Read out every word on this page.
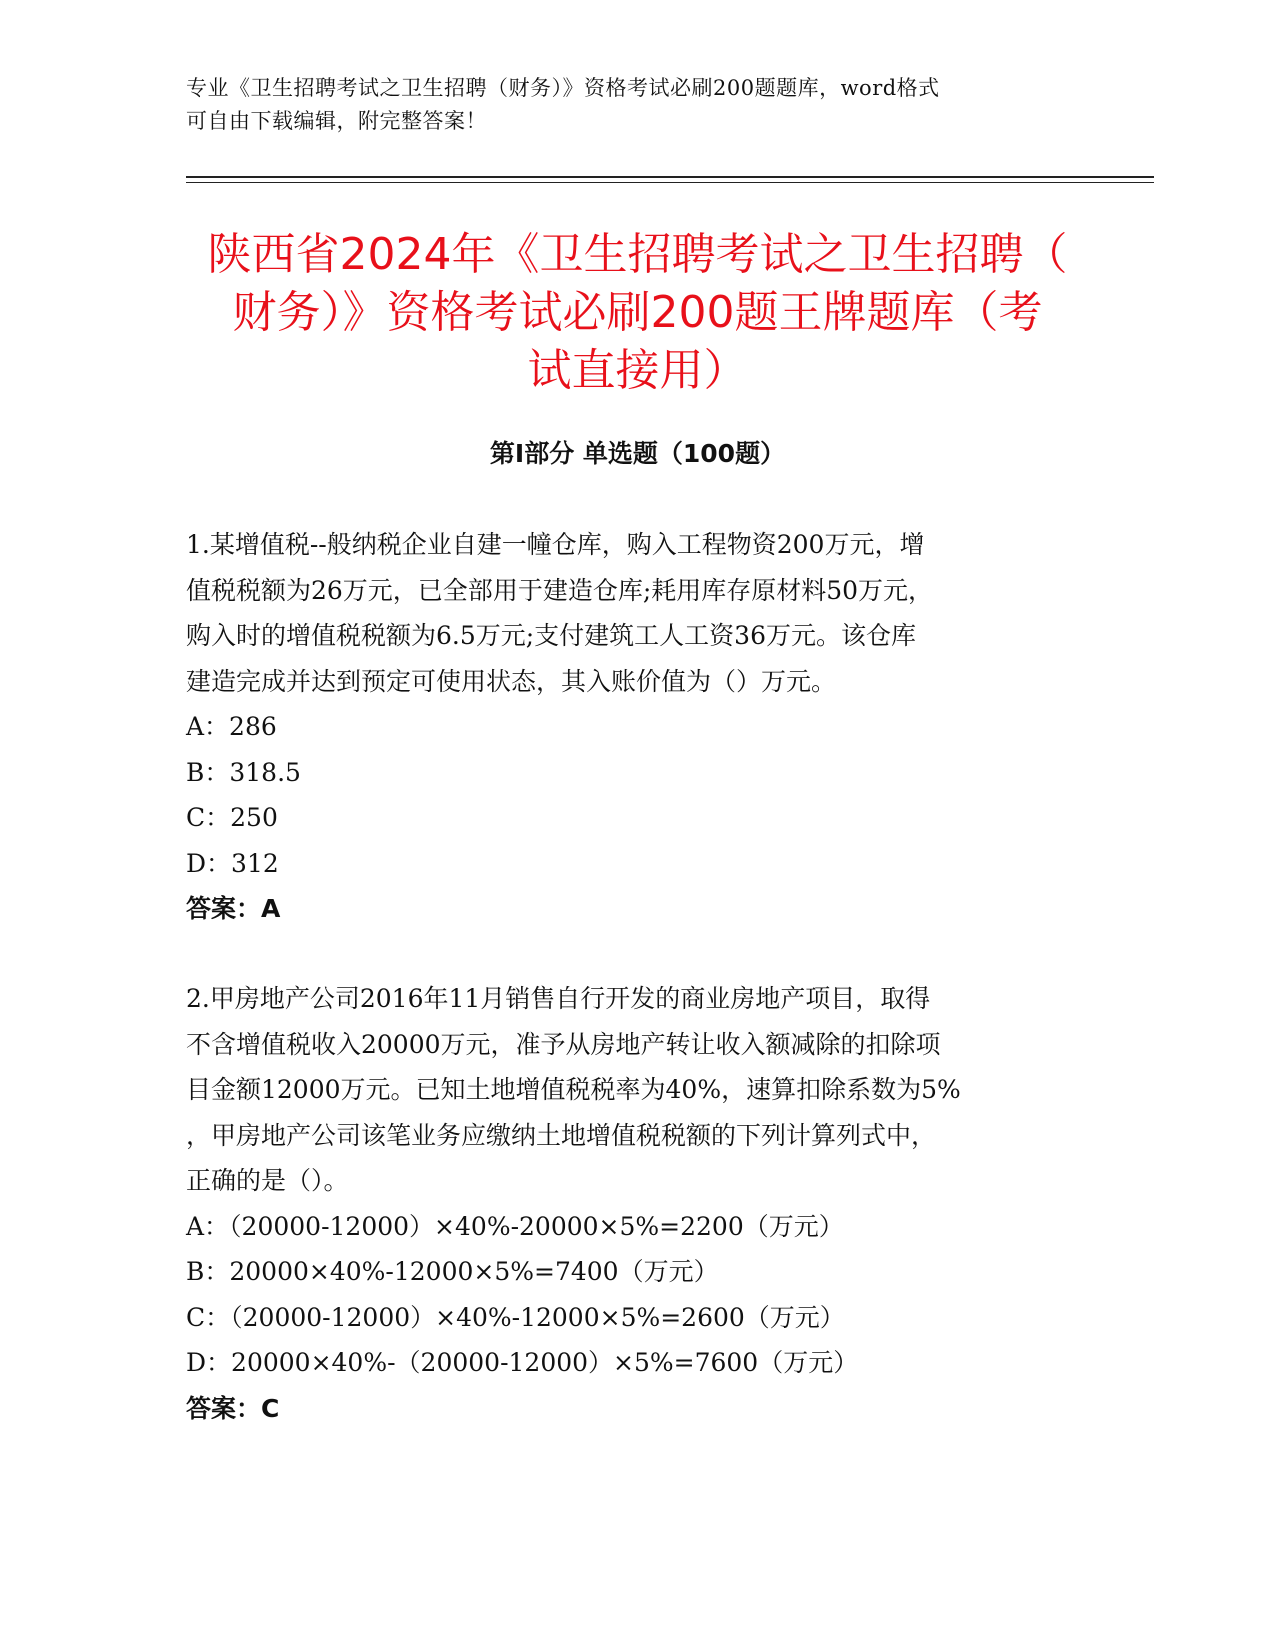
专业《卫生招聘考试之卫生招聘（财务）》资格考试必刷200题题库，word格式
可自由下载编辑，附完整答案！
陕西省2024年《卫生招聘考试之卫生招聘（
财务）》资格考试必刷200题王牌题库（考
试直接用）
第Ⅰ部分 单选题（100题）
1.某增值税--般纳税企业自建一幢仓库，购入工程物资200万元，增
值税税额为26万元，已全部用于建造仓库;耗用库存原材料50万元，
购入时的增值税税额为6.5万元;支付建筑工人工资36万元。该仓库
建造完成并达到预定可使用状态，其入账价值为（）万元。
A：286
B：318.5
C：250
D：312
答案：A
2.甲房地产公司2016年11月销售自行开发的商业房地产项目，取得
不含增值税收入20000万元，准予从房地产转让收入额减除的扣除项
目金额12000万元。已知土地增值税税率为40%，速算扣除系数为5%
，甲房地产公司该笔业务应缴纳土地增值税税额的下列计算列式中，
正确的是（）。
A：（20000-12000）×40%-20000×5%=2200（万元）
B：20000×40%-12000×5%=7400（万元）
C：（20000-12000）×40%-12000×5%=2600（万元）
D：20000×40%-（20000-12000）×5%=7600（万元）
答案：C
